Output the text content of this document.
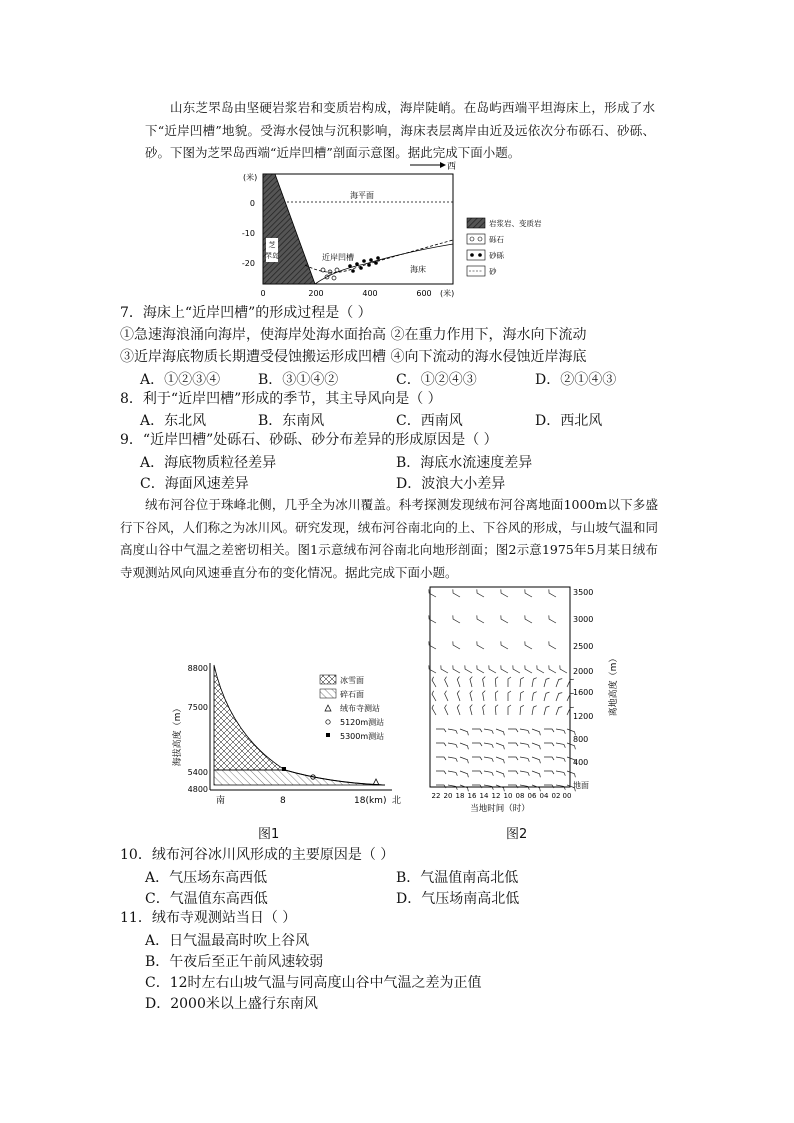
山东芝罘岛由坚硬岩浆岩和变质岩构成，海岸陡峭。在岛屿西端平坦海床上，形成了水下“近岸凹槽”地貌。受海水侵蚀与沉积影响，海床表层离岸由近及远依次分布砾石、砂砾、砂。下图为芝罘岛西端“近岸凹槽”剖面示意图。据此完成下面小题。
西
(米)
0
-10
-20
0	200	400	600 (米)
海平面
芝
罘岛	近岸凹槽
海床
岩浆岩、变质岩
砾石
砂砾
砂
7．海床上“近岸凹槽”的形成过程是（ ）
①急速海浪涌向海岸，使海岸处海水面抬高 ②在重力作用下，海水向下流动
③近岸海底物质长期遭受侵蚀搬运形成凹槽 ④向下流动的海水侵蚀近岸海底
A．①②③④	B．③①④②	C．①②④③	D．②①④③
8．利于“近岸凹槽”形成的季节，其主导风向是（ ）
A．东北风	B．东南风	C．西南风	D．西北风
9．“近岸凹槽”处砾石、砂砾、砂分布差异的形成原因是（ ）
A．海底物质粒径差异	B．海底水流速度差异
C．海面风速差异	D．波浪大小差异
绒布河谷位于珠峰北侧，几乎全为冰川覆盖。科考探测发现绒布河谷离地面1000m以下多盛行下谷风，人们称之为冰川风。研究发现，绒布河谷南北向的上、下谷风的形成，与山坡气温和同高度山谷中气温之差密切相关。图1示意绒布河谷南北向地形剖面；图2示意1975年5月某日绒布寺观测站风向风速垂直分布的变化情况。据此完成下面小题。
海拔高度（m）
8800
7500
5400
4800
南	8	18(km) 北
冰雪面
碎石面
绒布寺测站
5120m测站
5300m测站
图1
3500
3000
2500
2000
1600
1200
800
400
地面
离地高度（m）
22 20 18 16 14 12 10 08 06 04 02 00
当地时间（时）
图2
10．绒布河谷冰川风形成的主要原因是（ ）
A．气压场东高西低	B．气温值南高北低
C．气温值东高西低	D．气压场南高北低
11．绒布寺观测站当日（ ）
A．日气温最高时吹上谷风
B．午夜后至正午前风速较弱
C．12时左右山坡气温与同高度山谷中气温之差为正值
D．2000米以上盛行东南风
